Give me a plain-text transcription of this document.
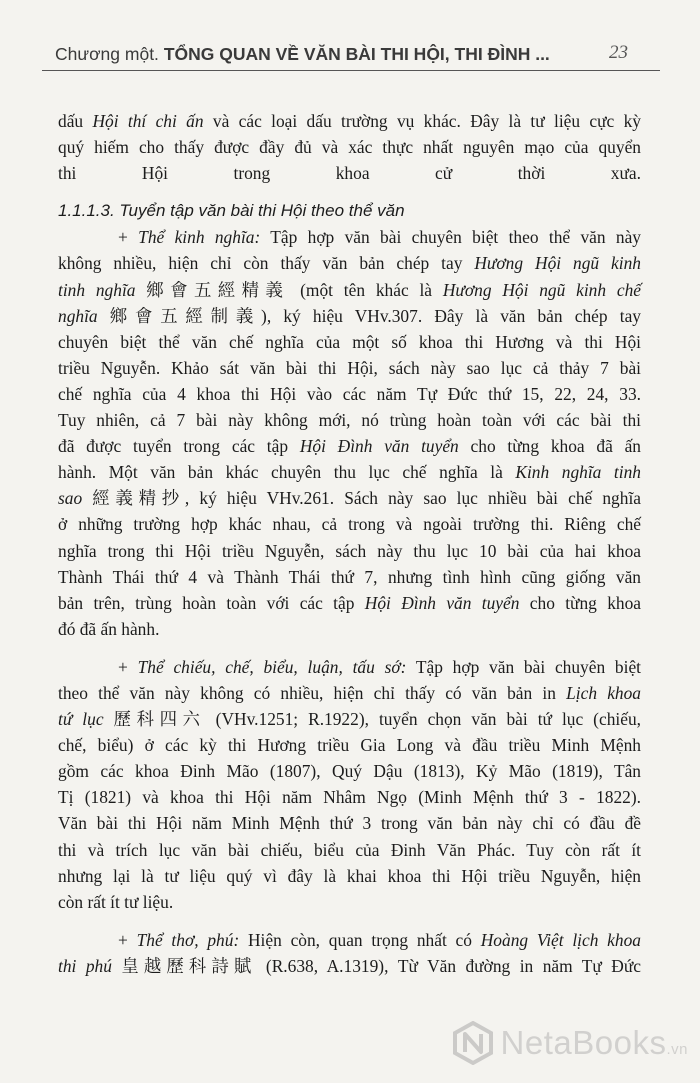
Chương một. TỔNG QUAN VỀ VĂN BÀI THI HỘI, THI ĐÌNH ...	23
dấu Hội thí chi ấn và các loại dấu trường vụ khác. Đây là tư liệu cực kỳ
quý hiếm cho thấy được đầy đủ và xác thực nhất nguyên mạo của quyển
thi Hội trong khoa cử thời xưa.
1.1.1.3. Tuyển tập văn bài thi Hội theo thể văn
+ Thể kinh nghĩa: Tập hợp văn bài chuyên biệt theo thể văn này
không nhiều, hiện chỉ còn thấy văn bản chép tay Hương Hội ngũ kinh
tinh nghĩa 鄉會五經精義 (một tên khác là Hương Hội ngũ kinh chế
nghĩa 鄉會五經制義), ký hiệu VHv.307. Đây là văn bản chép tay
chuyên biệt thể văn chế nghĩa của một số khoa thi Hương và thi Hội
triều Nguyễn. Khảo sát văn bài thi Hội, sách này sao lục cả thảy 7 bài
chế nghĩa của 4 khoa thi Hội vào các năm Tự Đức thứ 15, 22, 24, 33.
Tuy nhiên, cả 7 bài này không mới, nó trùng hoàn toàn với các bài thi
đã được tuyển trong các tập Hội Đình văn tuyển cho từng khoa đã ấn
hành. Một văn bản khác chuyên thu lục chế nghĩa là Kinh nghĩa tinh
sao 經義精抄, ký hiệu VHv.261. Sách này sao lục nhiều bài chế nghĩa
ở những trường hợp khác nhau, cả trong và ngoài trường thi. Riêng chế
nghĩa trong thi Hội triều Nguyễn, sách này thu lục 10 bài của hai khoa
Thành Thái thứ 4 và Thành Thái thứ 7, nhưng tình hình cũng giống văn
bản trên, trùng hoàn toàn với các tập Hội Đình văn tuyển cho từng khoa
đó đã ấn hành.
+ Thể chiếu, chế, biểu, luận, tấu sớ: Tập hợp văn bài chuyên biệt
theo thể văn này không có nhiều, hiện chỉ thấy có văn bản in Lịch khoa
tứ lục 歷科四六 (VHv.1251; R.1922), tuyển chọn văn bài tứ lục (chiếu,
chế, biểu) ở các kỳ thi Hương triều Gia Long và đầu triều Minh Mệnh
gồm các khoa Đinh Mão (1807), Quý Dậu (1813), Kỷ Mão (1819), Tân
Tị (1821) và khoa thi Hội năm Nhâm Ngọ (Minh Mệnh thứ 3 - 1822).
Văn bài thi Hội năm Minh Mệnh thứ 3 trong văn bản này chỉ có đầu đề
thi và trích lục văn bài chiếu, biểu của Đinh Văn Phác. Tuy còn rất ít
nhưng lại là tư liệu quý vì đây là khai khoa thi Hội triều Nguyễn, hiện
còn rất ít tư liệu.
+ Thể thơ, phú: Hiện còn, quan trọng nhất có Hoàng Việt lịch khoa
thi phú 皇越歷科詩賦 (R.638, A.1319), Từ Văn đường in năm Tự Đức
NetaBooks.vn
